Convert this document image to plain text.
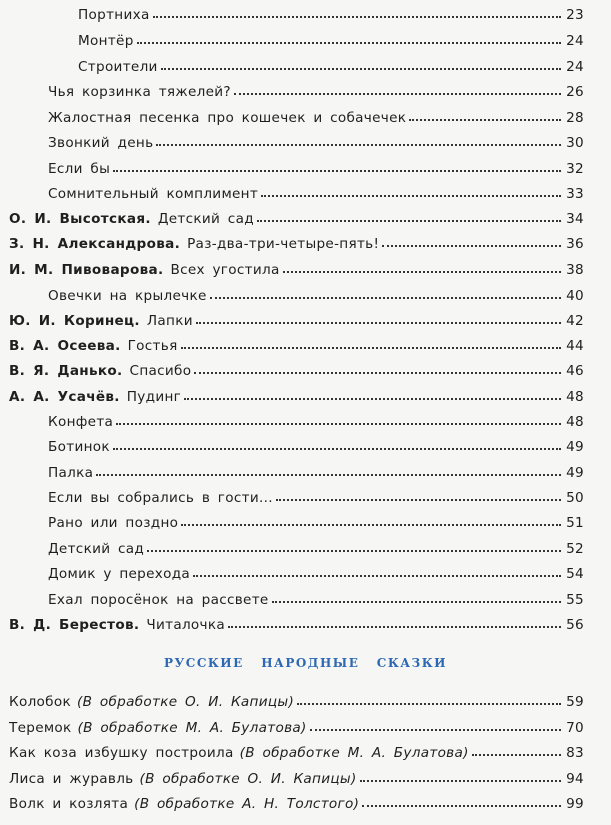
Портниха	23
Монтёр	24
Строители	24
Чья корзинка тяжелей?	26
Жалостная песенка про кошечек и собачечек	28
Звонкий день	30
Если бы	32
Сомнительный комплимент	33
О. И. Высотская. Детский сад	34
З. Н. Александрова. Раз-два-три-четыре-пять!	36
И. М. Пивоварова. Всех угостила	38
Овечки на крылечке	40
Ю. И. Коринец. Лапки	42
В. А. Осеева. Гостья	44
В. Я. Данько. Спасибо	46
А. А. Усачёв. Пудинг	48
Конфета	48
Ботинок	49
Палка	49
Если вы собрались в гости...	50
Рано или поздно	51
Детский сад	52
Домик у перехода	54
Ехал поросёнок на рассвете	55
В. Д. Берестов. Читалочка	56
русские народные сказки
Колобок (В обработке О. И. Капицы)	59
Теремок (В обработке М. А. Булатова)	70
Как коза избушку построила (В обработке М. А. Булатова)	83
Лиса и журавль (В обработке О. И. Капицы)	94
Волк и козлята (В обработке А. Н. Толстого)	99
